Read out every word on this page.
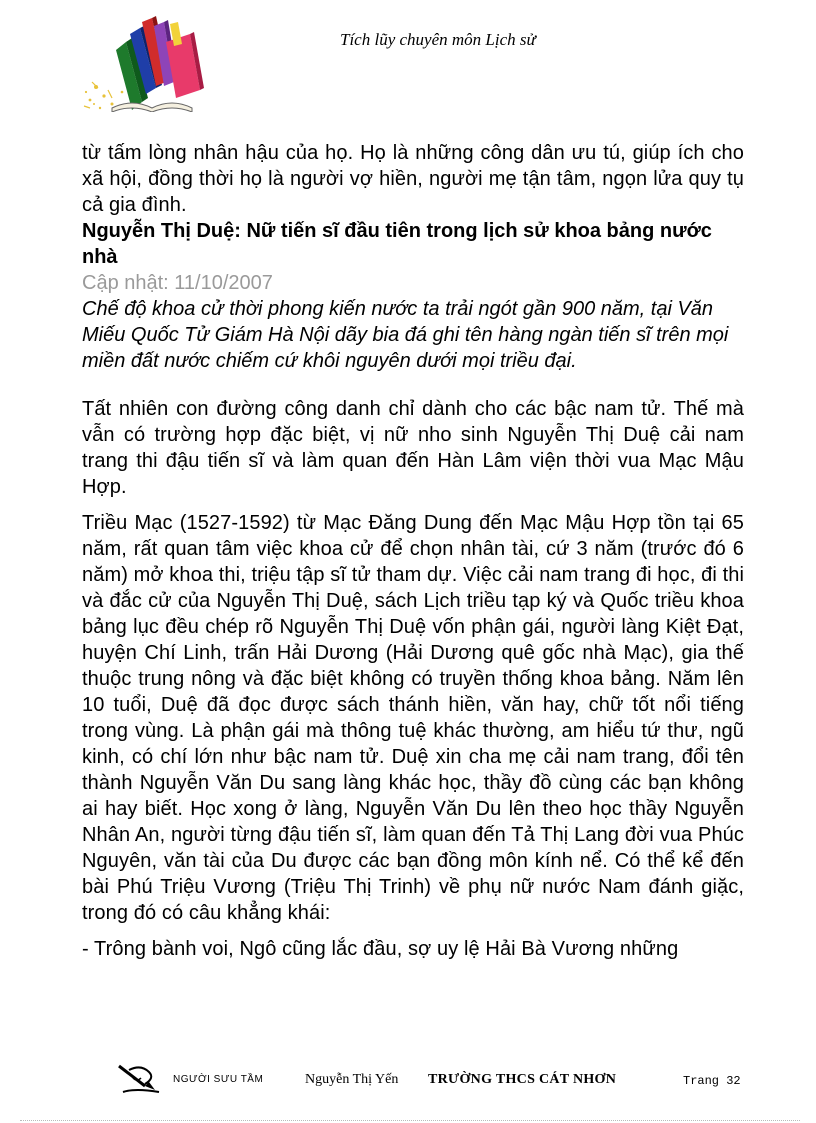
Tích lũy chuyên môn Lịch sử

từ tấm lòng nhân hậu của họ. Họ là những công dân ưu tú, giúp ích cho xã hội, đồng thời họ là người vợ hiền, người mẹ tận tâm, ngọn lửa quy tụ cả gia đình.

Nguyễn Thị Duệ: Nữ tiến sĩ đầu tiên trong lịch sử khoa bảng nước nhà

Cập nhật: 11/10/2007

Chế độ khoa cử thời phong kiến nước ta trải ngót gần 900 năm, tại Văn Miếu Quốc Tử Giám Hà Nội dãy bia đá ghi tên hàng ngàn tiến sĩ trên mọi miền đất nước chiếm cứ khôi nguyên dưới mọi triều đại.

Tất nhiên con đường công danh chỉ dành cho các bậc nam tử. Thế mà vẫn có trường hợp đặc biệt, vị nữ nho sinh Nguyễn Thị Duệ cải nam trang thi đậu tiến sĩ và làm quan đến Hàn Lâm viện thời vua Mạc Mậu Hợp.

Triều Mạc (1527-1592) từ Mạc Đăng Dung đến Mạc Mậu Hợp tồn tại 65 năm, rất quan tâm việc khoa cử để chọn nhân tài, cứ 3 năm (trước đó 6 năm) mở khoa thi, triệu tập sĩ tử tham dự. Việc cải nam trang đi học, đi thi và đắc cử của Nguyễn Thị Duệ, sách Lịch triều tạp ký và Quốc triều khoa bảng lục đều chép rõ Nguyễn Thị Duệ vốn phận gái, người làng Kiệt Đạt, huyện Chí Linh, trấn Hải Dương (Hải Dương quê gốc nhà Mạc), gia thế thuộc trung nông và đặc biệt không có truyền thống khoa bảng. Năm lên 10 tuổi, Duệ đã đọc được sách thánh hiền, văn hay, chữ tốt nổi tiếng trong vùng. Là phận gái mà thông tuệ khác thường, am hiểu tứ thư, ngũ kinh, có chí lớn như bậc nam tử. Duệ xin cha mẹ cải nam trang, đổi tên thành Nguyễn Văn Du sang làng khác học, thầy đồ cùng các bạn không ai hay biết. Học xong ở làng, Nguyễn Văn Du lên theo học thầy Nguyễn Nhân An, người từng đậu tiến sĩ, làm quan đến Tả Thị Lang đời vua Phúc Nguyên, văn tài của Du được các bạn đồng môn kính nể. Có thể kể đến bài Phú Triệu Vương (Triệu Thị Trinh) về phụ nữ nước Nam đánh giặc, trong đó có câu khẳng khái:

- Trông bành voi, Ngô cũng lắc đầu, sợ uy lệ Hải Bà Vương những

NGƯỜI SƯU TẦM	Nguyễn Thị Yến TRƯỜNG THCS CÁT NHƠN	Trang 32
